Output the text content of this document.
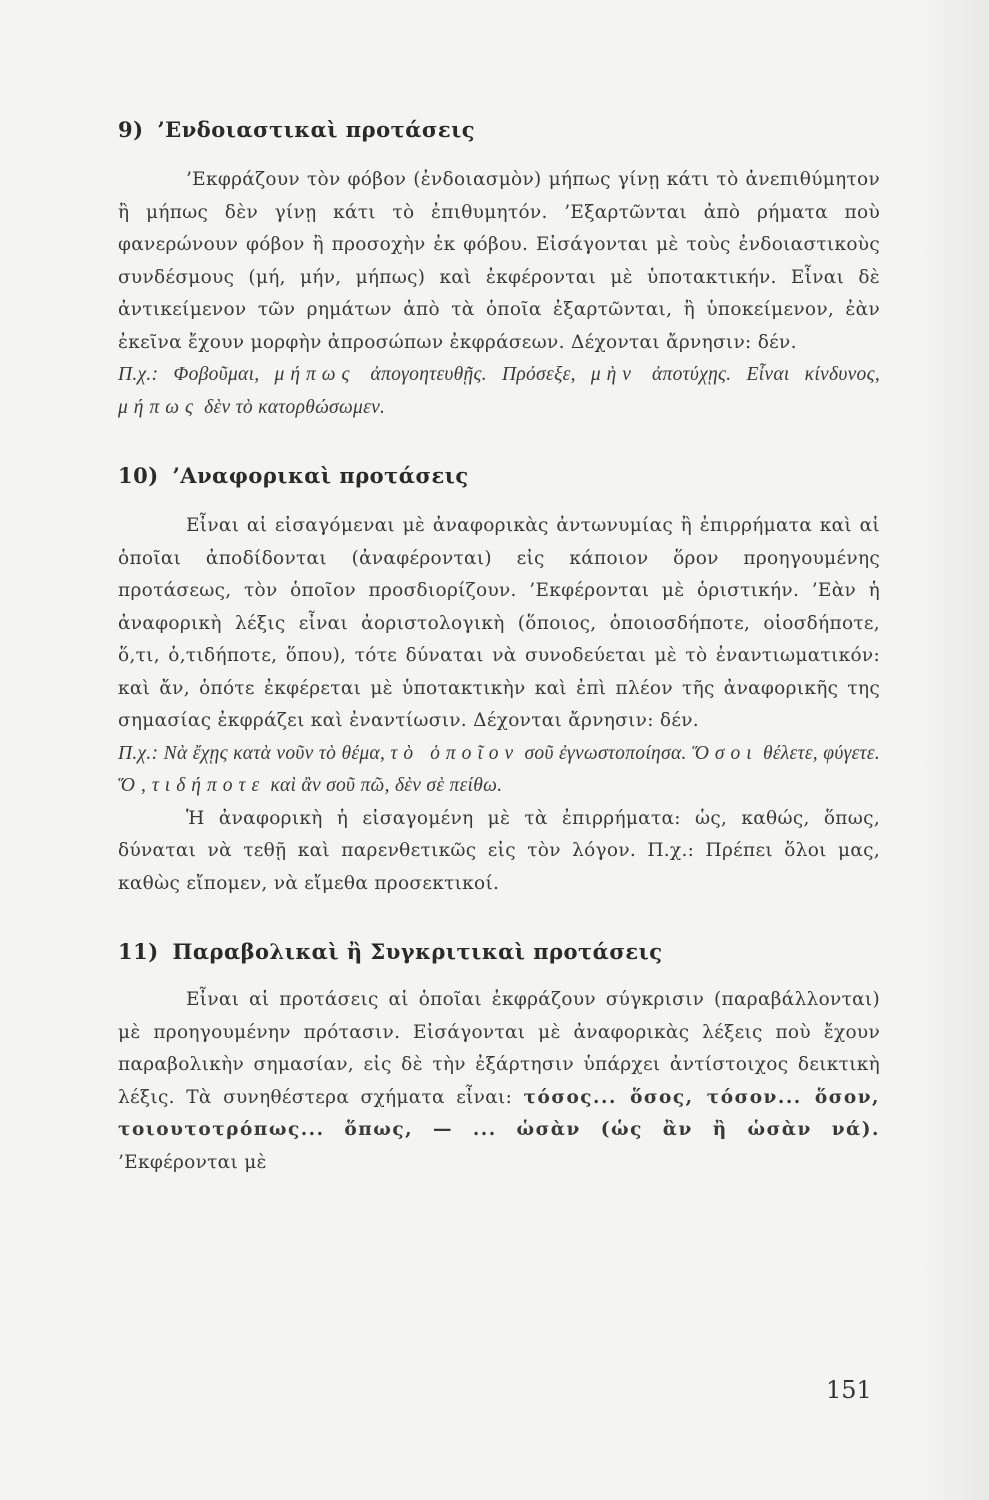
9) ’Ενδοιαστικαὶ προτάσεις

’Εκφράζουν τὸν φόβον (ἐνδοιασμὸν) μήπως γίνῃ κάτι τὸ ἀνεπιθύμητον ἢ μήπως δὲν γίνῃ κάτι τὸ ἐπιθυμητόν. ’Εξαρτῶνται ἀπὸ ρήματα ποὺ φανερώνουν φόβον ἢ προσοχὴν ἐκ φόβου. Εἰσάγονται μὲ τοὺς ἐνδοιαστικοὺς συνδέσμους (μή, μήν, μήπως) καὶ ἐκφέρονται μὲ ὑποτακτικήν. Εἶναι δὲ ἀντικείμενον τῶν ρημάτων ἀπὸ τὰ ὁποῖα ἐξαρτῶνται, ἢ ὑποκείμενον, ἐὰν ἐκεῖνα ἔχουν μορφὴν ἀπροσώπων ἐκφράσεων. Δέχονται ἄρνησιν: δέν.

Π.χ.: Φοβοῦμαι, μήπως ἀπογοητευθῇς. Πρόσεξε, μὴν ἀποτύχῃς. Εἶναι κίνδυνος, μήπως δὲν τὸ κατορθώσωμεν.

10) ’Αναφορικαὶ προτάσεις

Εἶναι αἱ εἰσαγόμεναι μὲ ἀναφορικὰς ἀντωνυμίας ἢ ἐπιρρήματα καὶ αἱ ὁποῖαι ἀποδίδονται (ἀναφέρονται) εἰς κάποιον ὅρον προηγουμένης προτάσεως, τὸν ὁποῖον προσδιορίζουν. ’Εκφέρονται μὲ ὁριστικήν. ’Εὰν ἡ ἀναφορικὴ λέξις εἶναι ἀοριστολογικὴ (ὅποιος, ὁποιοσδήποτε, οἱοσδήποτε, ὅ,τι, ὁ,τιδήποτε, ὅπου), τότε δύναται νὰ συνοδεύεται μὲ τὸ ἐναντιωματικόν: καὶ ἄν, ὁπότε ἐκφέρεται μὲ ὑποτακτικὴν καὶ ἐπὶ πλέον τῆς ἀναφορικῆς της σημασίας ἐκφράζει καὶ ἐναντίωσιν. Δέχονται ἄρνησιν: δέν.

Π.χ.: Νὰ ἔχῃς κατὰ νοῦν τὸ θέμα, τὸ ὁποῖον σοῦ ἐγνωστοποίησα. Ὅσοι θέλετε, φύγετε. Ὅ,τιδήποτε καὶ ἂν σοῦ πῶ, δὲν σὲ πείθω.

Ἡ ἀναφορικὴ ἡ εἰσαγομένη μὲ τὰ ἐπιρρήματα: ὡς, καθώς, ὅπως, δύναται νὰ τεθῇ καὶ παρενθετικῶς εἰς τὸν λόγον. Π.χ.: Πρέπει ὅλοι μας, καθὼς εἴπομεν, νὰ εἴμεθα προσεκτικοί.

11) Παραβολικαὶ ἢ Συγκριτικαὶ προτάσεις

Εἶναι αἱ προτάσεις αἱ ὁποῖαι ἐκφράζουν σύγκρισιν (παραβάλλονται) μὲ προηγουμένην πρότασιν. Εἰσάγονται μὲ ἀναφορικὰς λέξεις ποὺ ἔχουν παραβολικὴν σημασίαν, εἰς δὲ τὴν ἐξάρτησιν ὑπάρχει ἀντίστοιχος δεικτικὴ λέξις. Τὰ συνηθέστερα σχήματα εἶναι: τόσος... ὅσος, τόσον... ὅσον, τοιουτοτρόπως... ὅπως, — ... ὡσὰν (ὡς ἂν ἢ ὡσὰν νά). ’Εκφέρονται μὲ

151
